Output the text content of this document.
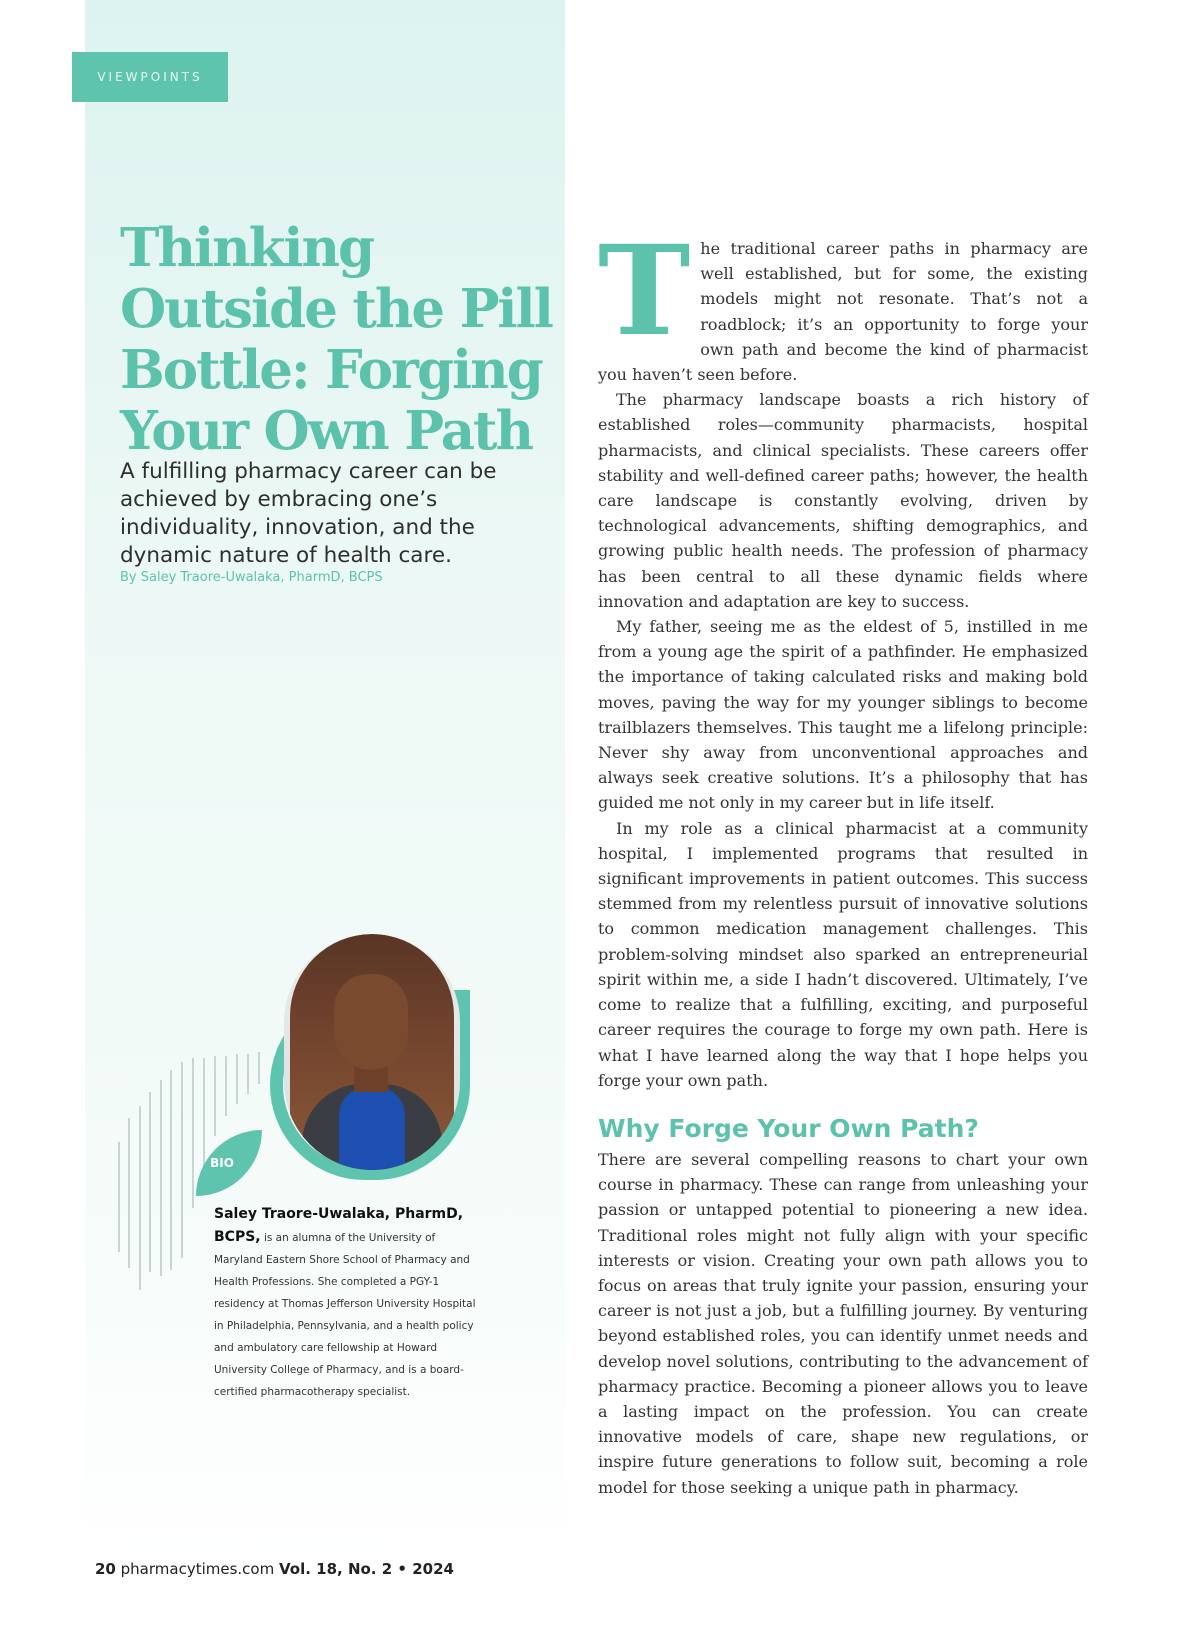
VIEWPOINTS
Thinking Outside the Pill Bottle: Forging Your Own Path
A fulfilling pharmacy career can be achieved by embracing one’s individuality, innovation, and the dynamic nature of health care.
By Saley Traore-Uwalaka, PharmD, BCPS
BIO
Saley Traore-Uwalaka, PharmD, BCPS, is an alumna of the University of Maryland Eastern Shore School of Pharmacy and Health Professions. She completed a PGY-1 residency at Thomas Jefferson University Hospital in Philadelphia, Pennsylvania, and a health policy and ambulatory care fellowship at Howard University College of Pharmacy, and is a board-certified pharmacotherapy specialist.

The traditional career paths in pharmacy are well established, but for some, the existing models might not resonate. That’s not a roadblock; it’s an opportunity to forge your own path and become the kind of pharmacist you haven’t seen before.

The pharmacy landscape boasts a rich history of established roles—community pharmacists, hospital pharmacists, and clinical specialists. These careers offer stability and well-defined career paths; however, the health care landscape is constantly evolving, driven by technological advancements, shifting demographics, and growing public health needs. The profession of pharmacy has been central to all these dynamic fields where innovation and adaptation are key to success.

My father, seeing me as the eldest of 5, instilled in me from a young age the spirit of a pathfinder. He emphasized the importance of taking calculated risks and making bold moves, paving the way for my younger siblings to become trailblazers themselves. This taught me a lifelong principle: Never shy away from unconventional approaches and always seek creative solutions. It’s a philosophy that has guided me not only in my career but in life itself.

In my role as a clinical pharmacist at a community hospital, I implemented programs that resulted in significant improvements in patient outcomes. This success stemmed from my relentless pursuit of innovative solutions to common medication management challenges. This problem-solving mindset also sparked an entrepreneurial spirit within me, a side I hadn’t discovered. Ultimately, I’ve come to realize that a fulfilling, exciting, and purposeful career requires the courage to forge my own path. Here is what I have learned along the way that I hope helps you forge your own path.

Why Forge Your Own Path?

There are several compelling reasons to chart your own course in pharmacy. These can range from unleashing your passion or untapped potential to pioneering a new idea. Traditional roles might not fully align with your specific interests or vision. Creating your own path allows you to focus on areas that truly ignite your passion, ensuring your career is not just a job, but a fulfilling journey. By venturing beyond established roles, you can identify unmet needs and develop novel solutions, contributing to the advancement of pharmacy practice. Becoming a pioneer allows you to leave a lasting impact on the profession. You can create innovative models of care, shape new regulations, or inspire future generations to follow suit, becoming a role model for those seeking a unique path in pharmacy.

20 pharmacytimes.com Vol. 18, No. 2 • 2024
